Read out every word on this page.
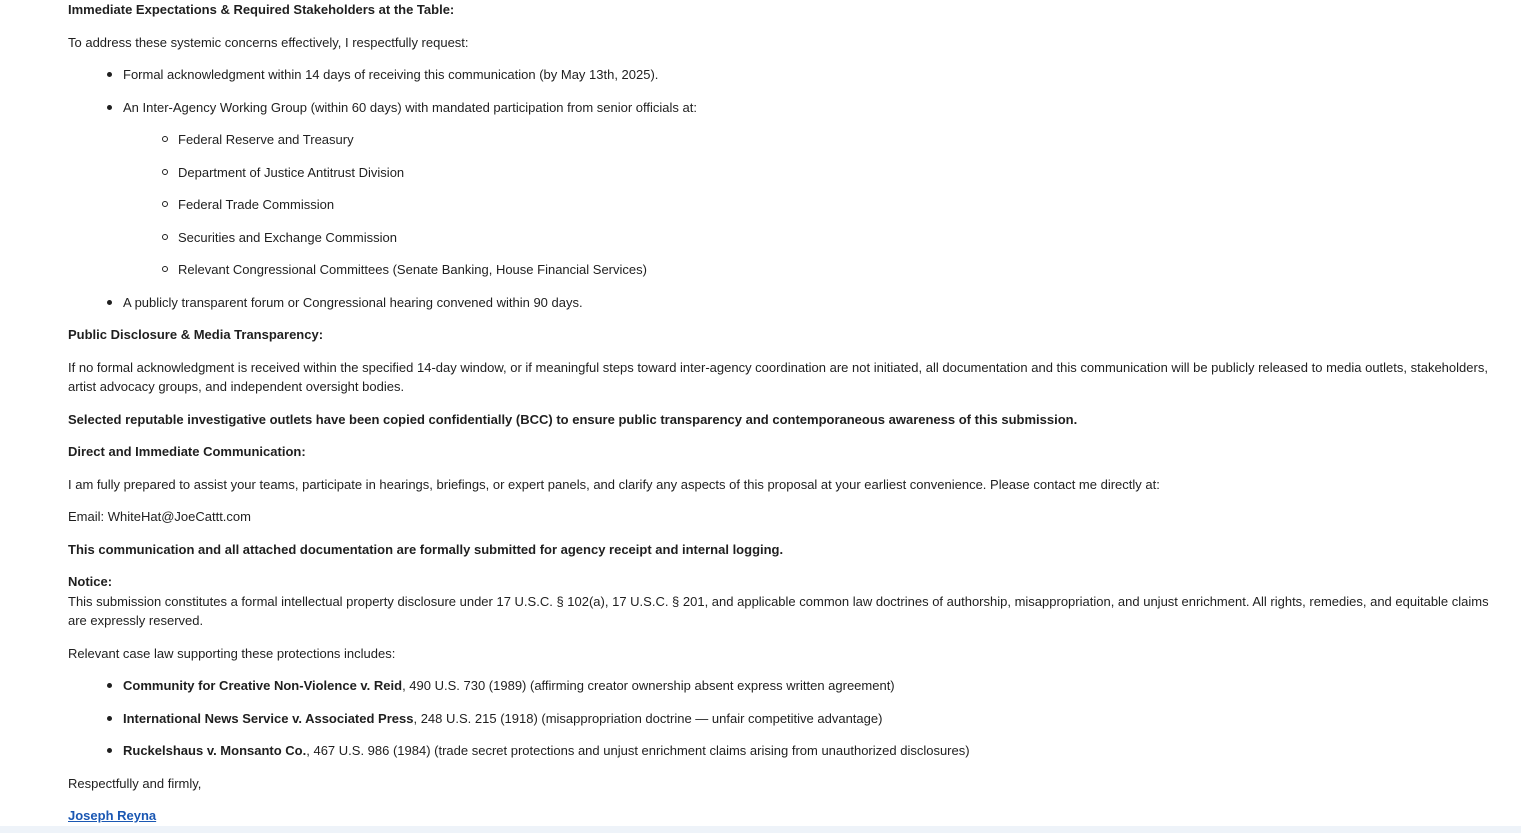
Immediate Expectations & Required Stakeholders at the Table:
To address these systemic concerns effectively, I respectfully request:
Formal acknowledgment within 14 days of receiving this communication (by May 13th, 2025).
An Inter-Agency Working Group (within 60 days) with mandated participation from senior officials at:
Federal Reserve and Treasury
Department of Justice Antitrust Division
Federal Trade Commission
Securities and Exchange Commission
Relevant Congressional Committees (Senate Banking, House Financial Services)
A publicly transparent forum or Congressional hearing convened within 90 days.
Public Disclosure & Media Transparency:
If no formal acknowledgment is received within the specified 14-day window, or if meaningful steps toward inter-agency coordination are not initiated, all documentation and this communication will be publicly released to media outlets, stakeholders, artist advocacy groups, and independent oversight bodies.
Selected reputable investigative outlets have been copied confidentially (BCC) to ensure public transparency and contemporaneous awareness of this submission.
Direct and Immediate Communication:
I am fully prepared to assist your teams, participate in hearings, briefings, or expert panels, and clarify any aspects of this proposal at your earliest convenience. Please contact me directly at:
Email: WhiteHat@JoeCattt.com
This communication and all attached documentation are formally submitted for agency receipt and internal logging.
Notice:
This submission constitutes a formal intellectual property disclosure under 17 U.S.C. § 102(a), 17 U.S.C. § 201, and applicable common law doctrines of authorship, misappropriation, and unjust enrichment. All rights, remedies, and equitable claims are expressly reserved.
Relevant case law supporting these protections includes:
Community for Creative Non-Violence v. Reid, 490 U.S. 730 (1989) (affirming creator ownership absent express written agreement)
International News Service v. Associated Press, 248 U.S. 215 (1918) (misappropriation doctrine — unfair competitive advantage)
Ruckelshaus v. Monsanto Co., 467 U.S. 986 (1984) (trade secret protections and unjust enrichment claims arising from unauthorized disclosures)
Respectfully and firmly,
Joseph Reyna
